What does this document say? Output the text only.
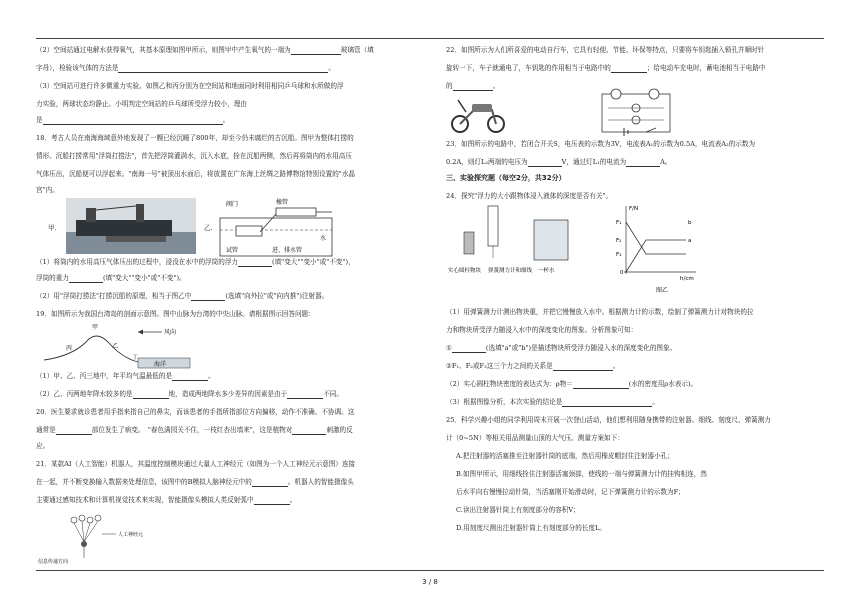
（2）空间站通过电解水获得氧气，其基本原理如图甲所示，则图甲中产生氧气的一端为	玻璃管（填
字母），检验该气体的方法是	。
（3）空间站可进行许多微重力实验。如图乙和丙分别为在空间站和地面同时利用相同乒乓球和水所做的浮
力实验，两球状态均静止。小明判定空间站的乒乓球所受浮力较小，理由
是	。
18．考古人员在南海海域意外地发现了一艘已经沉睡了800年，却至今仍未腐烂的古沉船。图甲为整体打捞的
情形。沉船打捞常用"浮筒打捞法"，首先把浮筒灌满水，沉入水底，拴在沉船两侧，然后再将筒内的水用高压
气体压出，沉船便可以浮起来。"南海一号"被顶出水面后，将放置在广东海上丝绸之路博物馆特别设置的"水晶
宫"内。
甲.	乙.
阀门	橡管
试管	进、排水管
水
（1）将筒内的水用高压气体压出的过程中，浸没在水中的浮筒的浮力	(填"变大""变小"或"不变")，
浮筒的重力	(填"变大""变小"或"不变")。
（2）用"浮筒打捞法"打捞沉船的原理，相当于图乙中	(选填"向外拉"或"向内推")注射器。
19．如图所示为我国台湾岛的剖面示意图。图中山脉为台湾的中央山脉。请根据图示回答问题：
甲
乙
丙
丁
风向
海洋
（1）甲、乙、丙三地中，年平均气温最低的是	。
（2）乙、丙两地年降水较多的是	地，造成两地降水多少差异的因素是由于	不同。
20．医生要求就诊患者用手指来指自己的鼻尖，而该患者的手指所指部位方向偏移，动作不准确、不协调。这
通常是	部位发生了病变。　"春色满园关不住，一枝红杏出墙来"，这是植物对	刺激的反
应。
21．某款AI（人工智能）机器人，其温度控制模块通过大量人工神经元（如图为一个人工神经元示意图）连接
在一起，并不断变换输入数据来处理信息，该图中的B模拟人脑神经元中的	。机器人的智能摄像头
主要通过感知技术和计算机视觉技术来实现，智能摄像头模拟人类反射弧中	。
人工神经元
信息传递方向
22．如图所示为人们所喜爱的电动自行车，它具有轻便、节能、环保等特点，只要将车钥匙插入锁孔并顺时针
旋转一下，车子就通电了，车钥匙的作用相当于电路中的	；给电动车充电时，蓄电池相当于电路中
的	。
23．如图所示的电路中，若闭合开关S，电压表的示数为3V，电流表A₁的示数为0.5A，电流表A₂的示数为
0.2A，则灯L₂两端的电压为	V，通过灯L₁的电流为	A。
三、实验探究题（每空2分，共32分）
24．探究"浮力的大小跟物体浸入液体的深度是否有关"。
实心圆柱物块 弹簧测力计和细线 一杯水
F/N
h/cm
b
a
F₁
F₂
F₃
0
图乙
（1）用弹簧测力计测出物块重，并把它慢慢放入水中。根据测力计的示数，绘制了弹簧测力计对物块的拉
力和物块所受浮力随浸入水中的深度变化的图象。分析图象可知：
①	(选填"a"或"b")是描述物块所受浮力随浸入水的深度变化的图象。
②F₁、F₂或F₃这三个力之间的关系是	。
（2）实心圆柱物块密度的表达式为：ρ物＝	(水的密度用ρ水表示)。
（3）根据图像分析，本次实验的结论是	。
25．科学兴趣小组的同学利用周末开展一次登山活动，他们想利用随身携带的注射器、细线、刻度尺、弹簧测力
计（0~5N）等相关用品测量山顶的大气压。测量方案如下：
A.把注射器的活塞推至注射器针筒的底端，然后用橡皮帽封住注射器小孔；
B.如图甲所示，用细线拴住注射器活塞颈部，使线的一端与弹簧测力计的挂钩相连，然
后水平向右慢慢拉动针筒，当活塞刚开始滑动时，记下弹簧测力计的示数为F；
C.读出注射器针筒上有刻度部分的容积V；
D.用刻度尺测出注射器针筒上有刻度部分的长度L。
3 / 8
